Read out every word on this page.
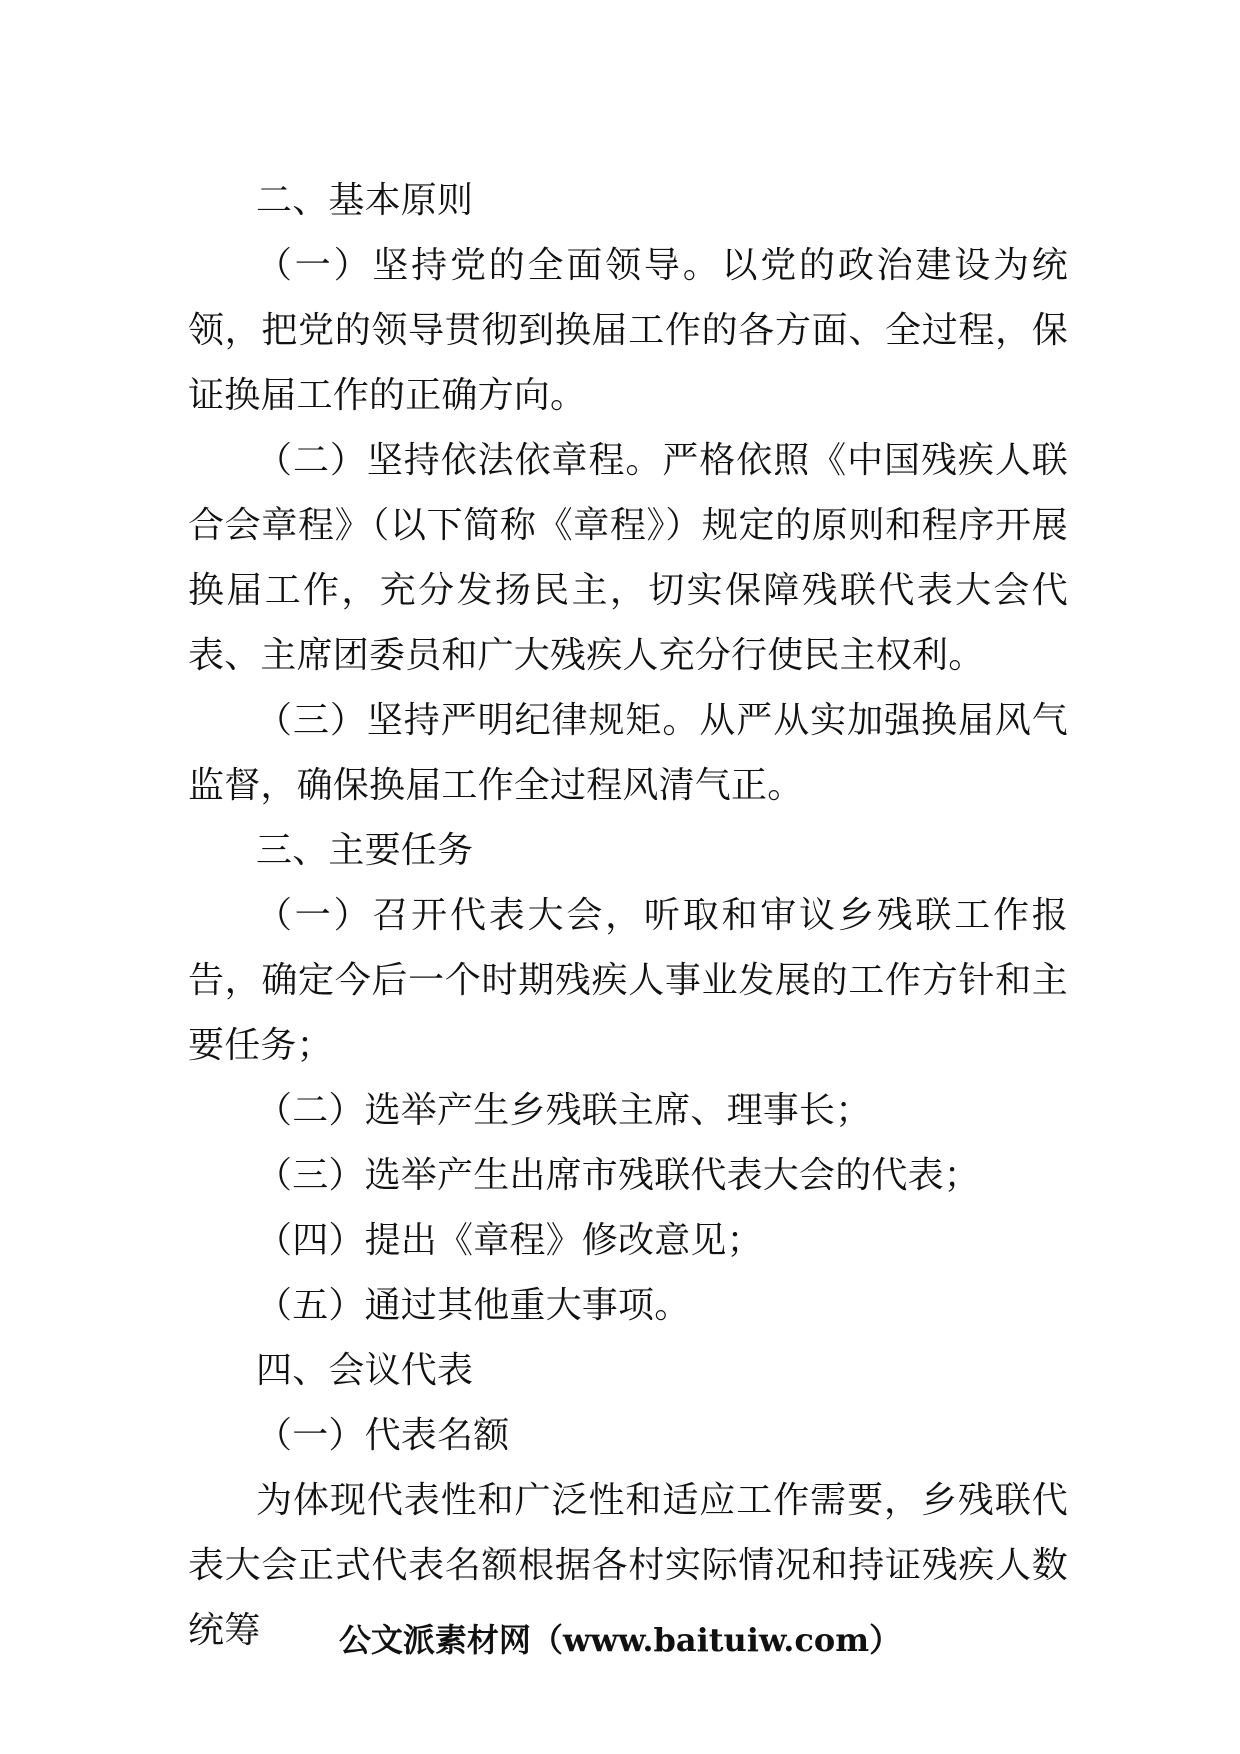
二、基本原则

（一）坚持党的全面领导。以党的政治建设为统领，把党的领导贯彻到换届工作的各方面、全过程，保证换届工作的正确方向。

（二）坚持依法依章程。严格依照《中国残疾人联合会章程》（以下简称《章程》）规定的原则和程序开展换届工作，充分发扬民主，切实保障残联代表大会代表、主席团委员和广大残疾人充分行使民主权利。

（三）坚持严明纪律规矩。从严从实加强换届风气监督，确保换届工作全过程风清气正。

三、主要任务

（一）召开代表大会，听取和审议乡残联工作报告，确定今后一个时期残疾人事业发展的工作方针和主要任务；

（二）选举产生乡残联主席、理事长；

（三）选举产生出席市残联代表大会的代表；

（四）提出《章程》修改意见；

（五）通过其他重大事项。

四、会议代表

（一）代表名额

为体现代表性和广泛性和适应工作需要，乡残联代表大会正式代表名额根据各村实际情况和持证残疾人数统筹	公文派素材网（www.baituiw.com）
